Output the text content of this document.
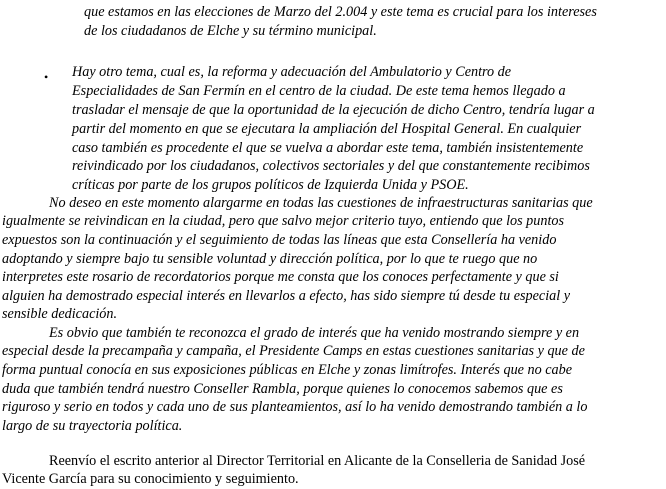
que estamos en las elecciones de Marzo del 2.004 y este tema es crucial para los intereses

de los ciudadanos de Elche y su término municipal.

• Hay otro tema, cual es, la reforma y adecuación del Ambulatorio y Centro de

Especialidades de San Fermín en el centro de la ciudad. De este tema hemos llegado a

trasladar el mensaje de que la oportunidad de la ejecución de dicho Centro, tendría lugar a

partir del momento en que se ejecutara la ampliación del Hospital General. En cualquier

caso también es procedente el que se vuelva a abordar este tema, también insistentemente

reivindicado por los ciudadanos, colectivos sectoriales y del que constantemente recibimos

críticas por parte de los grupos políticos de Izquierda Unida y PSOE.

No deseo en este momento alargarme en todas las cuestiones de infraestructuras sanitarias que

igualmente se reivindican en la ciudad, pero que salvo mejor criterio tuyo, entiendo que los puntos

expuestos son la continuación y el seguimiento de todas las líneas que esta Consellería ha venido

adoptando y siempre bajo tu sensible voluntad y dirección política, por lo que te ruego que no

interpretes este rosario de recordatorios porque me consta que los conoces perfectamente y que si

alguien ha demostrado especial interés en llevarlos a efecto, has sido siempre tú desde tu especial y

sensible dedicación.

Es obvio que también te reconozca el grado de interés que ha venido mostrando siempre y en

especial desde la precampaña y campaña, el Presidente Camps en estas cuestiones sanitarias y que de

forma puntual conocía en sus exposiciones públicas en Elche y zonas limítrofes. Interés que no cabe

duda que también tendrá nuestro Conseller Rambla, porque quienes lo conocemos sabemos que es

riguroso y serio en todos y cada uno de sus planteamientos, así lo ha venido demostrando también a lo

largo de su trayectoria política.

Reenvío el escrito anterior al Director Territorial en Alicante de la Conselleria de Sanidad José

Vicente García para su conocimiento y seguimiento.
